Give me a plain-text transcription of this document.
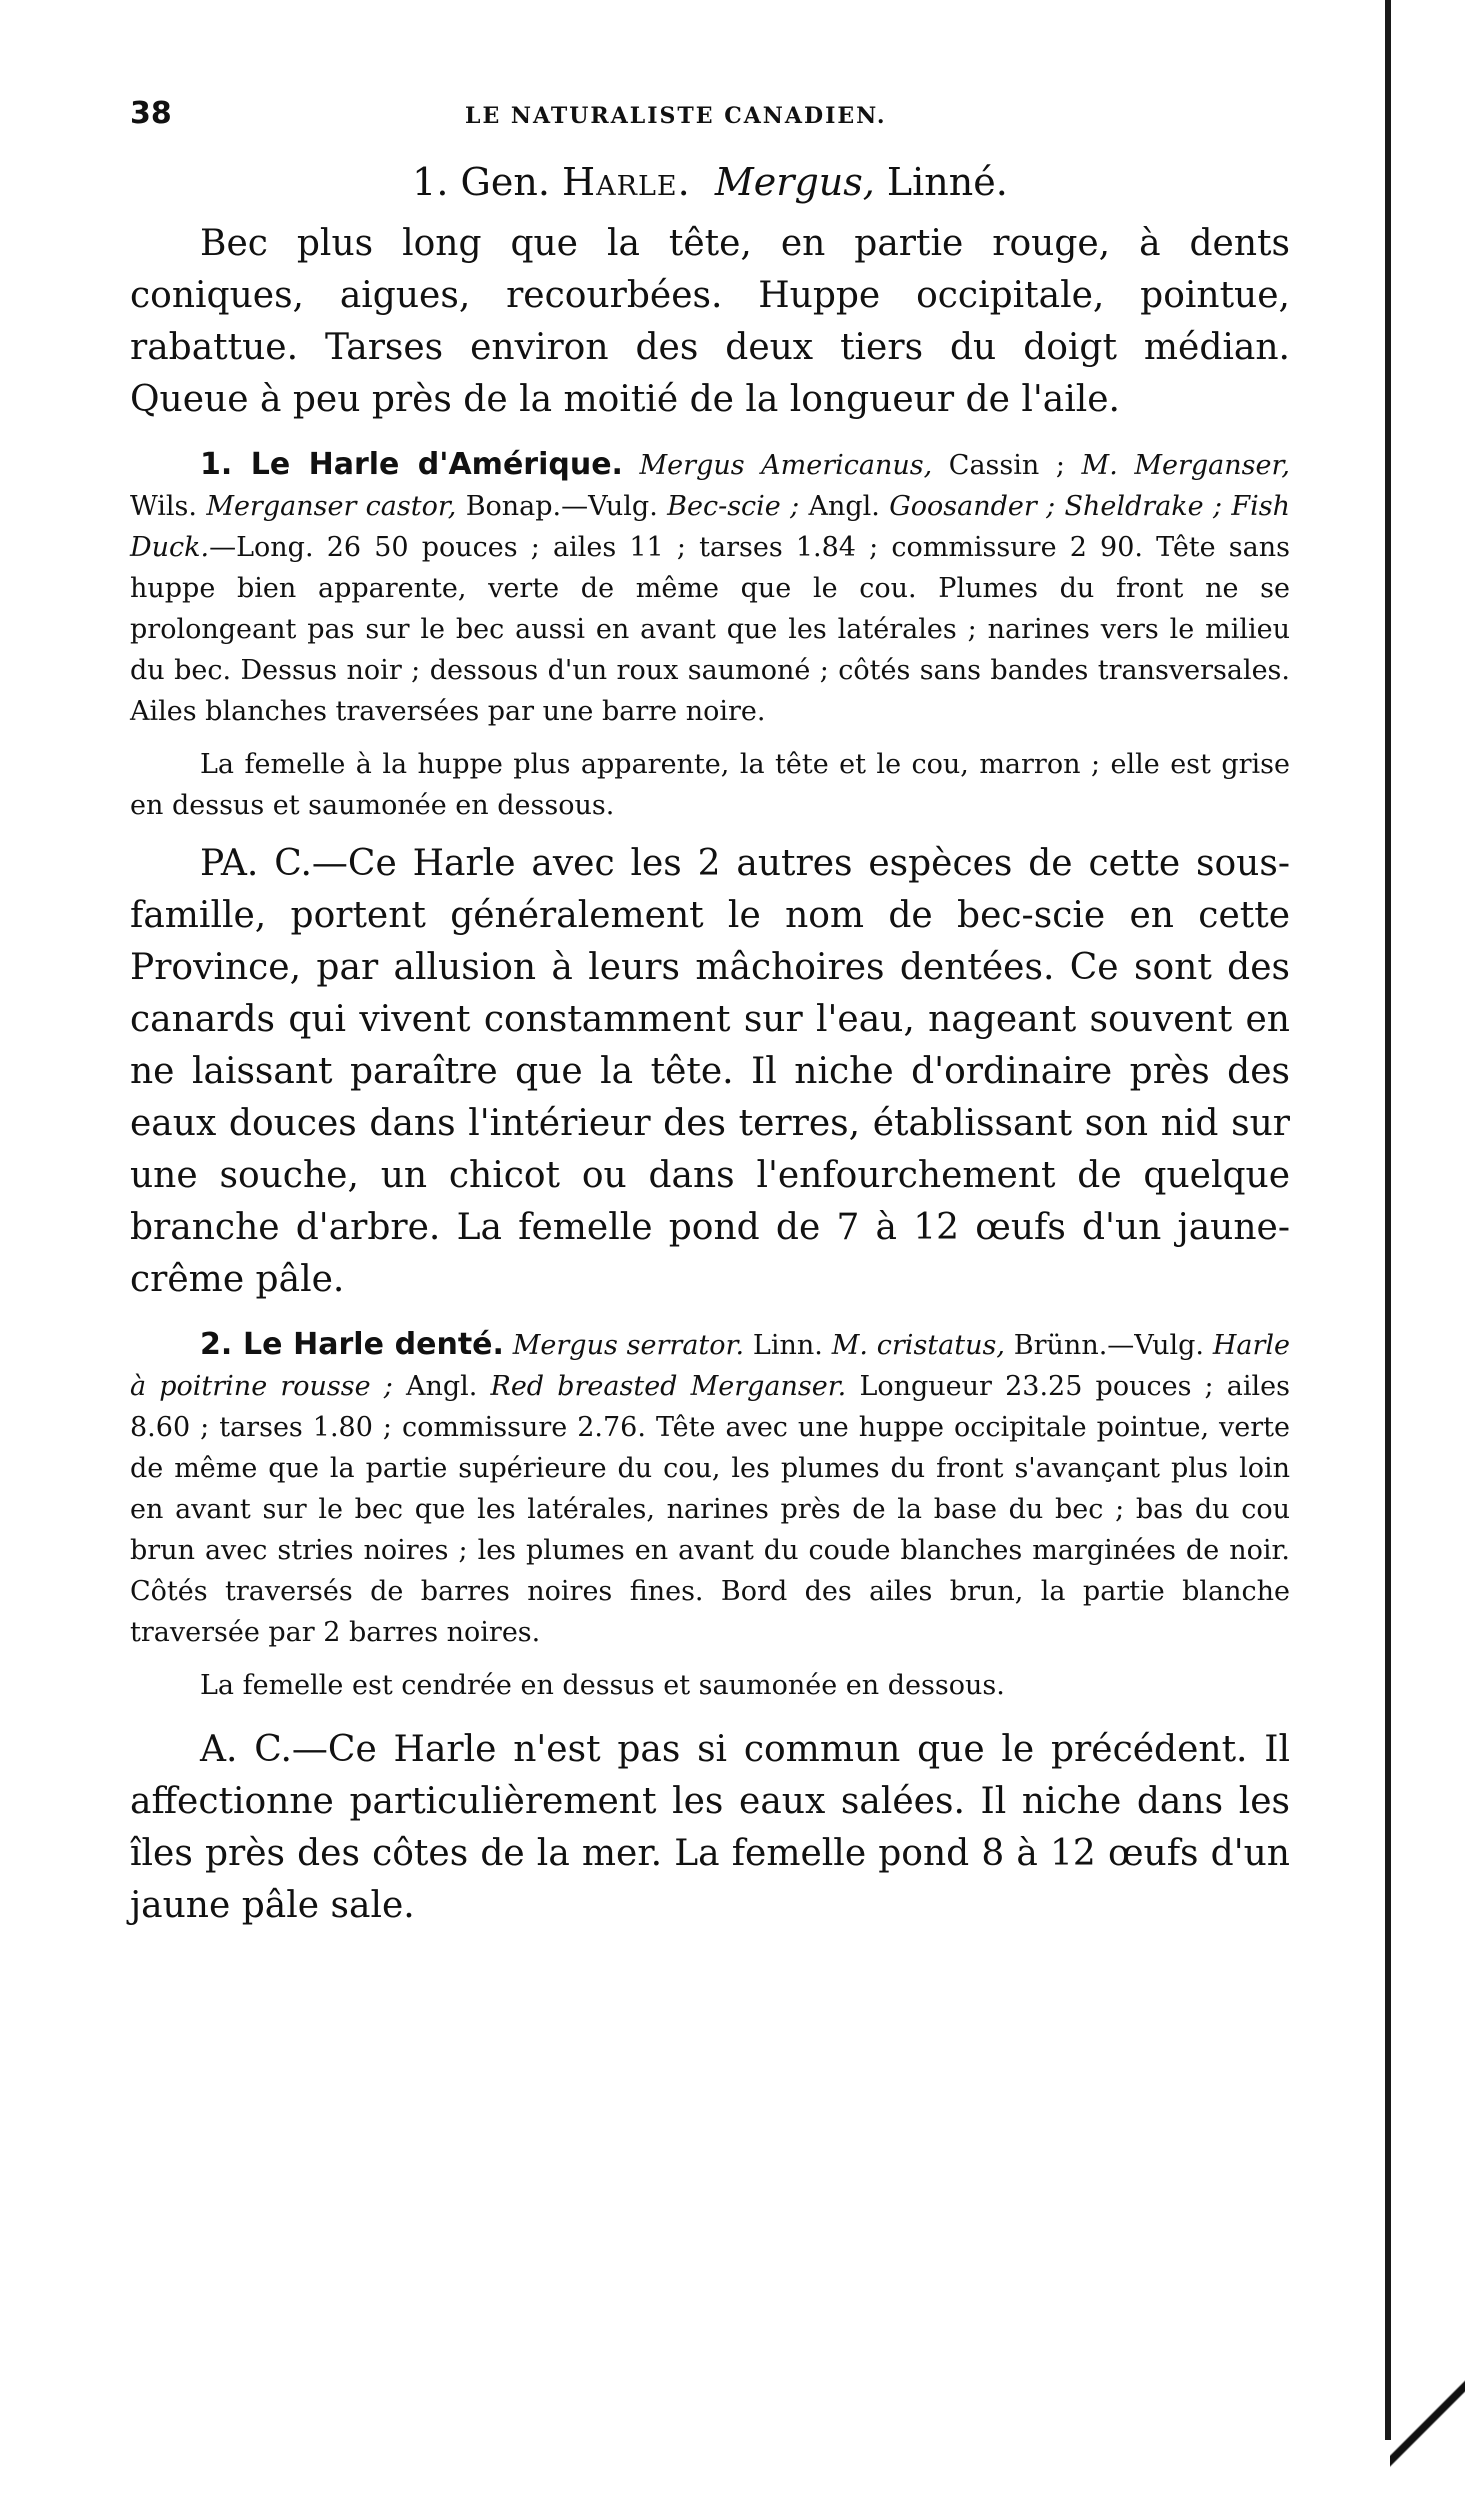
38	LE NATURALISTE CANADIEN.
1. Gen. Harle. Mergus, Linné.

Bec plus long que la tête, en partie rouge, à dents coniques, aigues, recourbées. Huppe occipitale, pointue, rabattue. Tarses environ des deux tiers du doigt médian. Queue à peu près de la moitié de la longueur de l'aile.

1. Le Harle d'Amérique. Mergus Americanus, Cassin ; M. Merganser, Wils. Merganser castor, Bonap.—Vulg. Bec-scie ; Angl. Goosander ; Sheldrake ; Fish Duck.—Long. 26 50 pouces ; ailes 11 ; tarses 1.84 ; commissure 2 90. Tête sans huppe bien apparente, verte de même que le cou. Plumes du front ne se prolongeant pas sur le bec aussi en avant que les latérales ; narines vers le milieu du bec. Dessus noir ; dessous d'un roux saumoné ; côtés sans bandes transversales. Ailes blanches traversées par une barre noire.

La femelle à la huppe plus apparente, la tête et le cou, marron ; elle est grise en dessus et saumonée en dessous.

PA. C.—Ce Harle avec les 2 autres espèces de cette sous-famille, portent généralement le nom de bec-scie en cette Province, par allusion à leurs mâchoires dentées. Ce sont des canards qui vivent constamment sur l'eau, nageant souvent en ne laissant paraître que la tête. Il niche d'ordinaire près des eaux douces dans l'intérieur des terres, établissant son nid sur une souche, un chicot ou dans l'enfourchement de quelque branche d'arbre. La femelle pond de 7 à 12 œufs d'un jaune-crême pâle.

2. Le Harle denté. Mergus serrator. Linn. M. cristatus, Brünn.—Vulg. Harle à poitrine rousse ; Angl. Red breasted Merganser. Longueur 23.25 pouces ; ailes 8.60 ; tarses 1.80 ; commissure 2.76. Tête avec une huppe occipitale pointue, verte de même que la partie supérieure du cou, les plumes du front s'avançant plus loin en avant sur le bec que les latérales, narines près de la base du bec ; bas du cou brun avec stries noires ; les plumes en avant du coude blanches marginées de noir. Côtés traversés de barres noires fines. Bord des ailes brun, la partie blanche traversée par 2 barres noires.

La femelle est cendrée en dessus et saumonée en dessous.

A. C.—Ce Harle n'est pas si commun que le précédent. Il affectionne particulièrement les eaux salées. Il niche dans les îles près des côtes de la mer. La femelle pond 8 à 12 œufs d'un jaune pâle sale.
